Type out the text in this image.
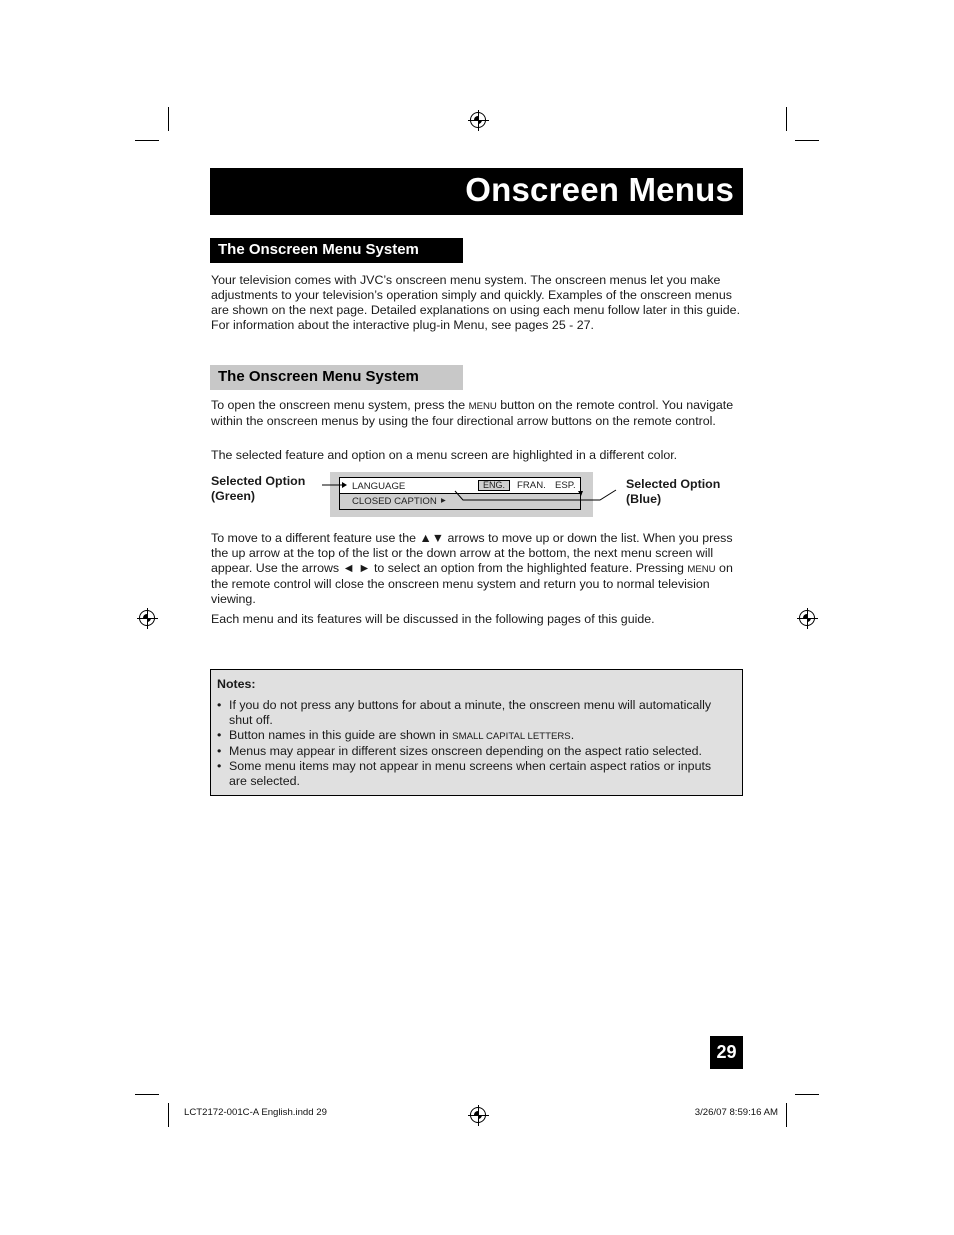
Onscreen Menus
The Onscreen Menu System
Your television comes with JVC’s onscreen menu system. The onscreen menus let you make adjustments to your television’s operation simply and quickly. Examples of the onscreen menus are shown on the next page. Detailed explanations on using each menu follow later in this guide. For information about the interactive plug-in Menu, see pages 25 - 27.
The Onscreen Menu System
To open the onscreen menu system, press the MENU button on the remote control. You navigate within the onscreen menus by using the four directional arrow buttons on the remote control.
The selected feature and option on a menu screen are highlighted in a different color.
Selected Option
(Green)
Selected Option
(Blue)
LANGUAGE	ENG.	FRAN. ESP.
CLOSED CAPTION ▸
To move to a different feature use the ▲▼ arrows to move up or down the list. When you press the up arrow at the top of the list or the down arrow at the bottom, the next menu screen will appear. Use the arrows ◄ ► to select an option from the highlighted feature. Pressing MENU on the remote control will close the onscreen menu system and return you to normal television viewing.
Each menu and its features will be discussed in the following pages of this guide.
Notes:
• If you do not press any buttons for about a minute, the onscreen menu will automatically shut off.
• Button names in this guide are shown in SMALL CAPITAL LETTERS.
• Menus may appear in different sizes onscreen depending on the aspect ratio selected.
• Some menu items may not appear in menu screens when certain aspect ratios or inputs are selected.
29
LCT2172-001C-A English.indd 29	3/26/07 8:59:16 AM
